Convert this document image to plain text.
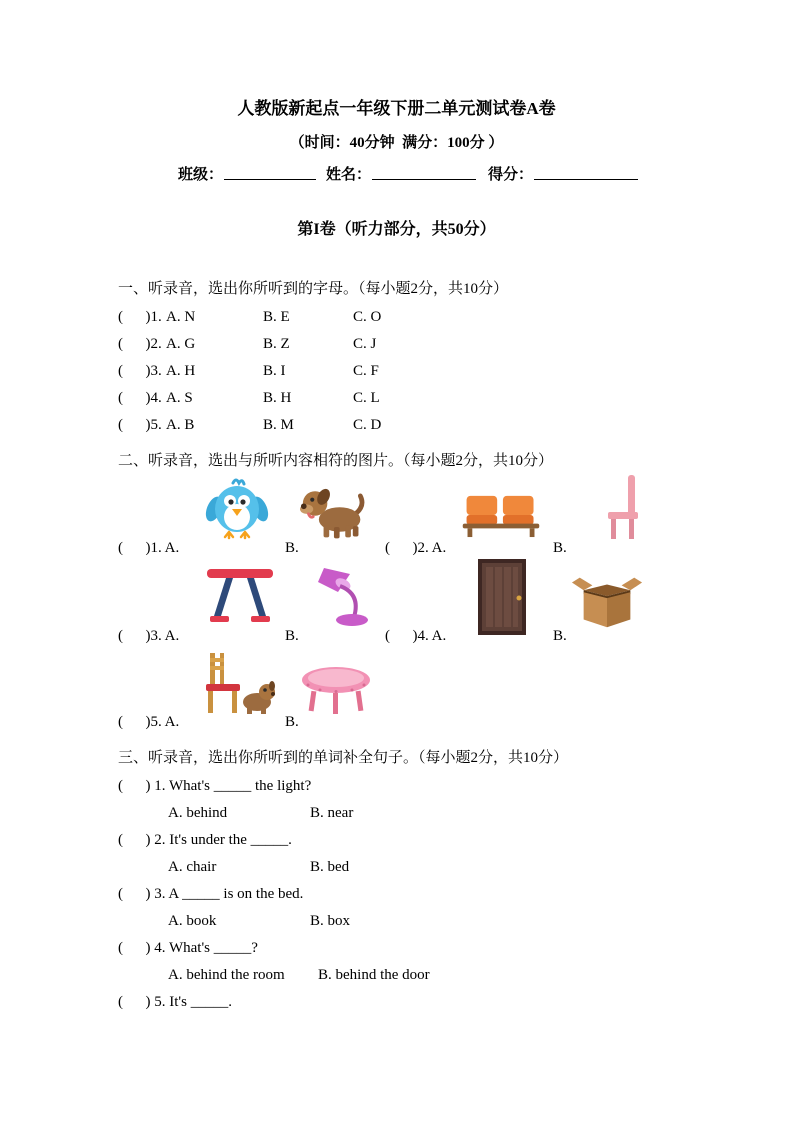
人教版新起点一年级下册二单元测试卷A卷
（时间：40分钟  满分：100分 ）
班级：	姓名：	得分：
第I卷（听力部分，共50分）
一、听录音，选出你所听到的字母。（每小题2分，共10分）
(      )1. A. N	B. E	C. O
(      )2. A. G	B. Z	C. J
(      )3. A. H	B. I	C. F
(      )4. A. S	B. H	C. L
(      )5. A. B	B. M	C. D
二、听录音，选出与所听内容相符的图片。（每小题2分，共10分）
(      )1. A.	B.	(      )2. A.	B.
(      )3. A.	B.	(      )4. A.	B.
(      )5. A.	B.
三、听录音，选出你所听到的单词补全句子。（每小题2分，共10分）
(      ) 1. What's _____ the light?
A. behind	B. near
(      ) 2. It's under the _____.
A. chair	B. bed
(      ) 3. A _____ is on the bed.
A. book	B. box
(      ) 4. What's _____?
A. behind the room B. behind the door
(      ) 5. It's _____.
